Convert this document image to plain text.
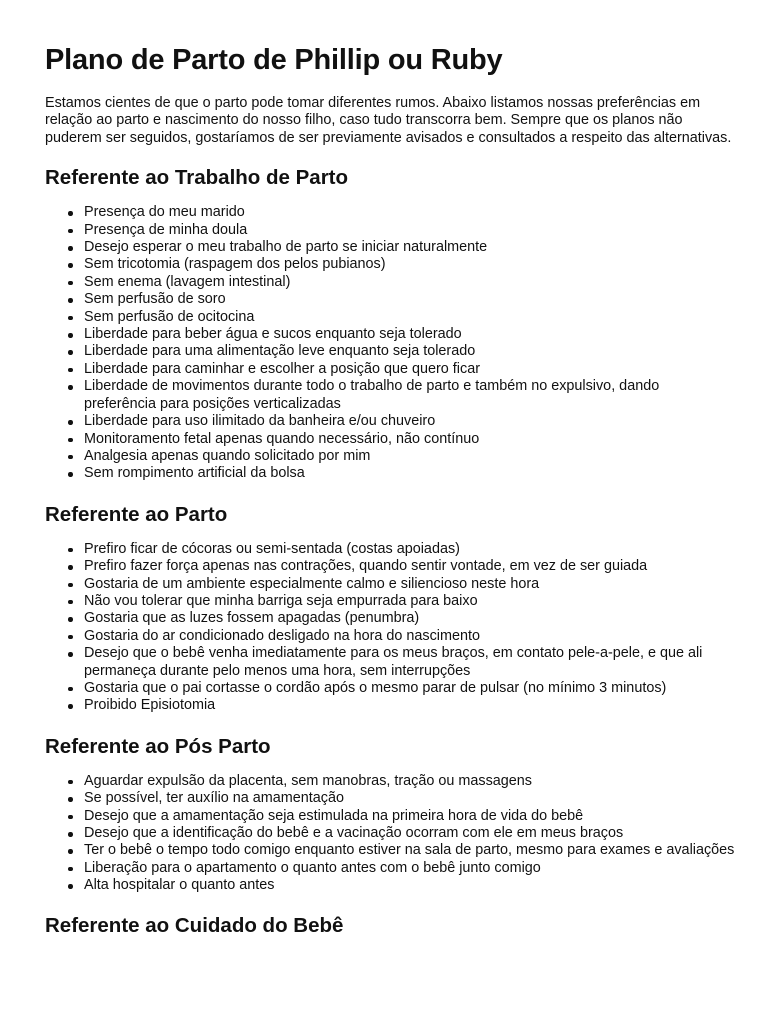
Plano de Parto de Phillip ou Ruby

Estamos cientes de que o parto pode tomar diferentes rumos. Abaixo listamos nossas preferências em relação ao parto e nascimento do nosso filho, caso tudo transcorra bem. Sempre que os planos não puderem ser seguidos, gostaríamos de ser previamente avisados e consultados a respeito das alternativas.

Referente ao Trabalho de Parto
Presença do meu marido
Presença de minha doula
Desejo esperar o meu trabalho de parto se iniciar naturalmente
Sem tricotomia (raspagem dos pelos pubianos)
Sem enema (lavagem intestinal)
Sem perfusão de soro
Sem perfusão de ocitocina
Liberdade para beber água e sucos enquanto seja tolerado
Liberdade para uma alimentação leve enquanto seja tolerado
Liberdade para caminhar e escolher a posição que quero ficar
Liberdade de movimentos durante todo o trabalho de parto e também no expulsivo, dando preferência para posições verticalizadas
Liberdade para uso ilimitado da banheira e/ou chuveiro
Monitoramento fetal apenas quando necessário, não contínuo
Analgesia apenas quando solicitado por mim
Sem rompimento artificial da bolsa
Referente ao Parto
Prefiro ficar de cócoras ou semi-sentada (costas apoiadas)
Prefiro fazer força apenas nas contrações, quando sentir vontade, em vez de ser guiada
Gostaria de um ambiente especialmente calmo e siliencioso neste hora
Não vou tolerar que minha barriga seja empurrada para baixo
Gostaria que as luzes fossem apagadas (penumbra)
Gostaria do ar condicionado desligado na hora do nascimento
Desejo que o bebê venha imediatamente para os meus braços, em contato pele-a-pele, e que ali permaneça durante pelo menos uma hora, sem interrupções
Gostaria que o pai cortasse o cordão após o mesmo parar de pulsar (no mínimo 3 minutos)
Proibido Episiotomia
Referente ao Pós Parto
Aguardar expulsão da placenta, sem manobras, tração ou massagens
Se possível, ter auxílio na amamentação
Desejo que a amamentação seja estimulada na primeira hora de vida do bebê
Desejo que a identificação do bebê e a vacinação ocorram com ele em meus braços
Ter o bebê o tempo todo comigo enquanto estiver na sala de parto, mesmo para exames e avaliações
Liberação para o apartamento o quanto antes com o bebê junto comigo
Alta hospitalar o quanto antes
Referente ao Cuidado do Bebê
